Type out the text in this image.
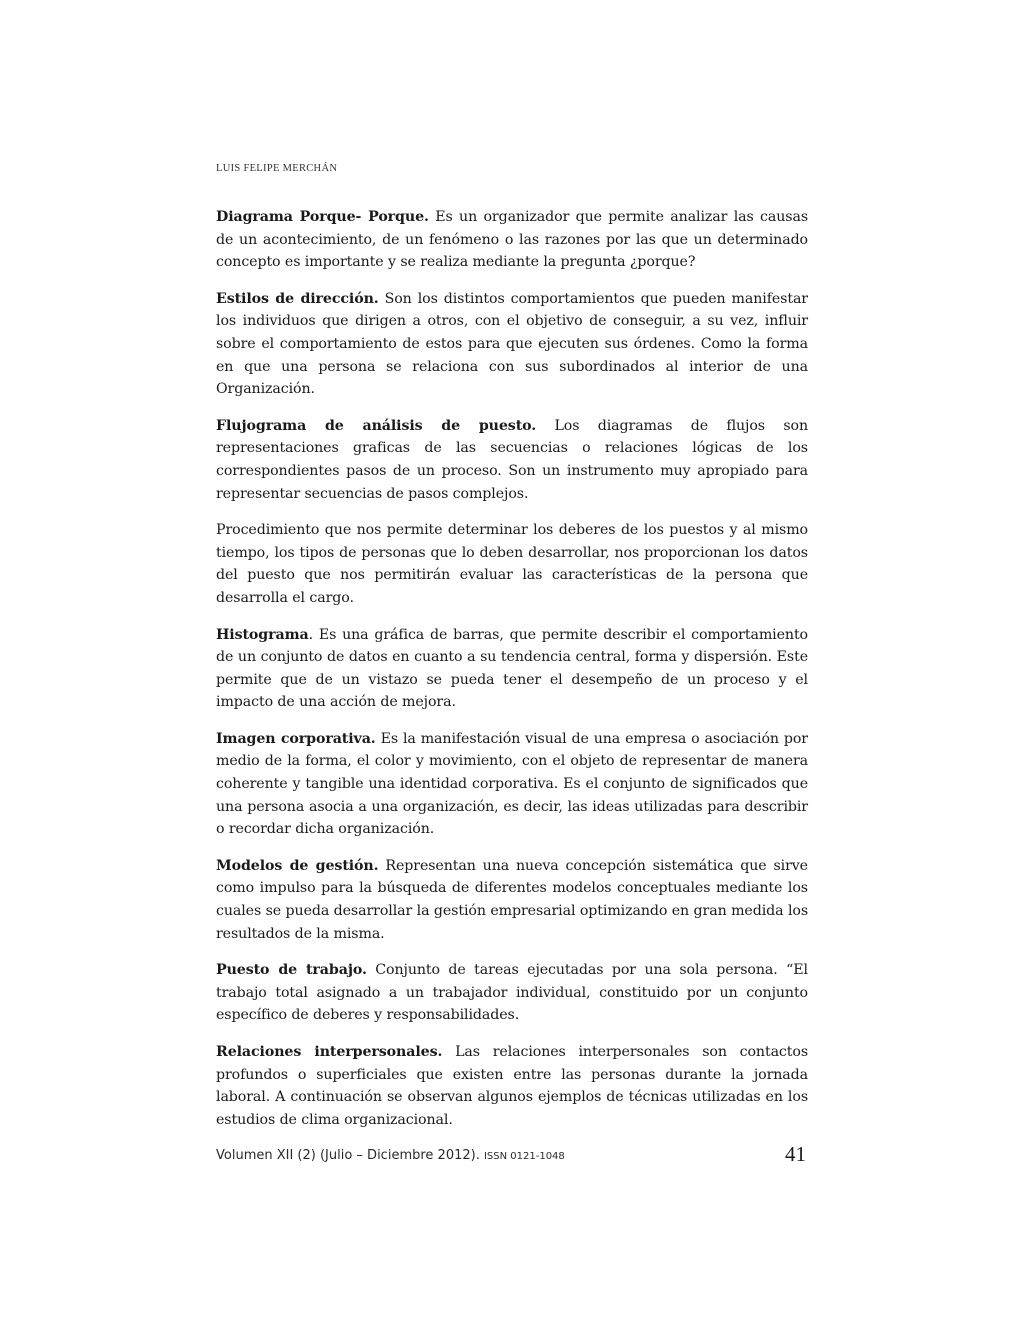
LUIS FELIPE MERCHÁN

Diagrama Porque- Porque. Es un organizador que permite analizar las causas de un acontecimiento, de un fenómeno o las razones por las que un determinado concepto es importante y se realiza mediante la pregunta ¿porque?

Estilos de dirección. Son los distintos comportamientos que pueden manifestar los individuos que dirigen a otros, con el objetivo de conseguir, a su vez, influir sobre el comportamiento de estos para que ejecuten sus órdenes. Como la forma en que una persona se relaciona con sus subordinados al interior de una Organización.

Flujograma de análisis de puesto. Los diagramas de flujos son representaciones graficas de las secuencias o relaciones lógicas de los correspondientes pasos de un proceso. Son un instrumento muy apropiado para representar secuencias de pasos complejos.

Procedimiento que nos permite determinar los deberes de los puestos y al mismo tiempo, los tipos de personas que lo deben desarrollar, nos proporcionan los datos del puesto que nos permitirán evaluar las características de la persona que desarrolla el cargo.

Histograma. Es una gráfica de barras, que permite describir el comportamiento de un conjunto de datos en cuanto a su tendencia central, forma y dispersión. Este permite que de un vistazo se pueda tener el desempeño de un proceso y el impacto de una acción de mejora.

Imagen corporativa. Es la manifestación visual de una empresa o asociación por medio de la forma, el color y movimiento, con el objeto de representar de manera coherente y tangible una identidad corporativa. Es el conjunto de significados que una persona asocia a una organización, es decir, las ideas utilizadas para describir o recordar dicha organización.

Modelos de gestión. Representan una nueva concepción sistemática que sirve como impulso para la búsqueda de diferentes modelos conceptuales mediante los cuales se pueda desarrollar la gestión empresarial optimizando en gran medida los resultados de la misma.

Puesto de trabajo. Conjunto de tareas ejecutadas por una sola persona. “El trabajo total asignado a un trabajador individual, constituido por un conjunto específico de deberes y responsabilidades.

Relaciones interpersonales. Las relaciones interpersonales son contactos profundos o superficiales que existen entre las personas durante la jornada laboral. A continuación se observan algunos ejemplos de técnicas utilizadas en los estudios de clima organizacional.

Volumen XII (2) (Julio – Diciembre 2012). ISSN 0121-1048	41
